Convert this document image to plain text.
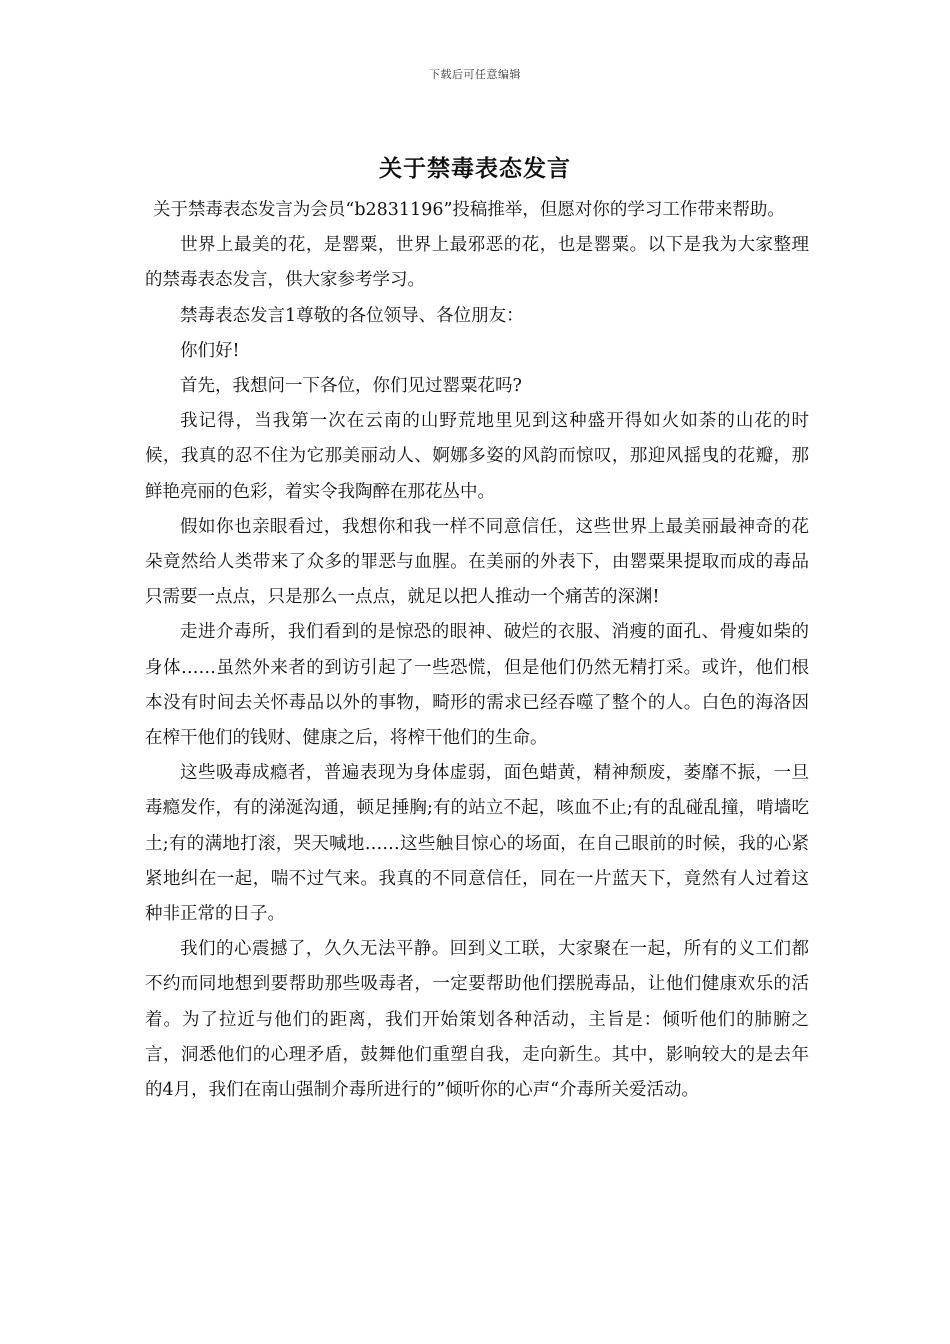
下载后可任意编辑
关于禁毒表态发言

关于禁毒表态发言为会员“b2831196”投稿推举，但愿对你的学习工作带来帮助。

世界上最美的花，是罂粟，世界上最邪恶的花，也是罂粟。以下是我为大家整理的禁毒表态发言，供大家参考学习。

禁毒表态发言1尊敬的各位领导、各位朋友：

你们好!

首先，我想问一下各位，你们见过罂粟花吗?

我记得，当我第一次在云南的山野荒地里见到这种盛开得如火如荼的山花的时候，我真的忍不住为它那美丽动人、婀娜多姿的风韵而惊叹，那迎风摇曳的花瓣，那鲜艳亮丽的色彩，着实令我陶醉在那花丛中。

假如你也亲眼看过，我想你和我一样不同意信任，这些世界上最美丽最神奇的花朵竟然给人类带来了众多的罪恶与血腥。在美丽的外表下，由罂粟果提取而成的毒品只需要一点点，只是那么一点点，就足以把人推动一个痛苦的深渊!

走进介毒所，我们看到的是惊恐的眼神、破烂的衣服、消瘦的面孔、骨瘦如柴的身体……虽然外来者的到访引起了一些恐慌，但是他们仍然无精打采。或许，他们根本没有时间去关怀毒品以外的事物，畸形的需求已经吞噬了整个的人。白色的海洛因在榨干他们的钱财、健康之后，将榨干他们的生命。

这些吸毒成瘾者，普遍表现为身体虚弱，面色蜡黄，精神颓废，萎靡不振，一旦毒瘾发作，有的涕涎沟通，顿足捶胸;有的站立不起，咳血不止;有的乱碰乱撞，啃墙吃土;有的满地打滚，哭天喊地……这些触目惊心的场面，在自己眼前的时候，我的心紧紧地纠在一起，喘不过气来。我真的不同意信任，同在一片蓝天下，竟然有人过着这种非正常的日子。

我们的心震撼了，久久无法平静。回到义工联，大家聚在一起，所有的义工们都不约而同地想到要帮助那些吸毒者，一定要帮助他们摆脱毒品，让他们健康欢乐的活着。为了拉近与他们的距离，我们开始策划各种活动，主旨是：倾听他们的肺腑之言，洞悉他们的心理矛盾，鼓舞他们重塑自我，走向新生。其中，影响较大的是去年的4月，我们在南山强制介毒所进行的”倾听你的心声“介毒所关爱活动。
